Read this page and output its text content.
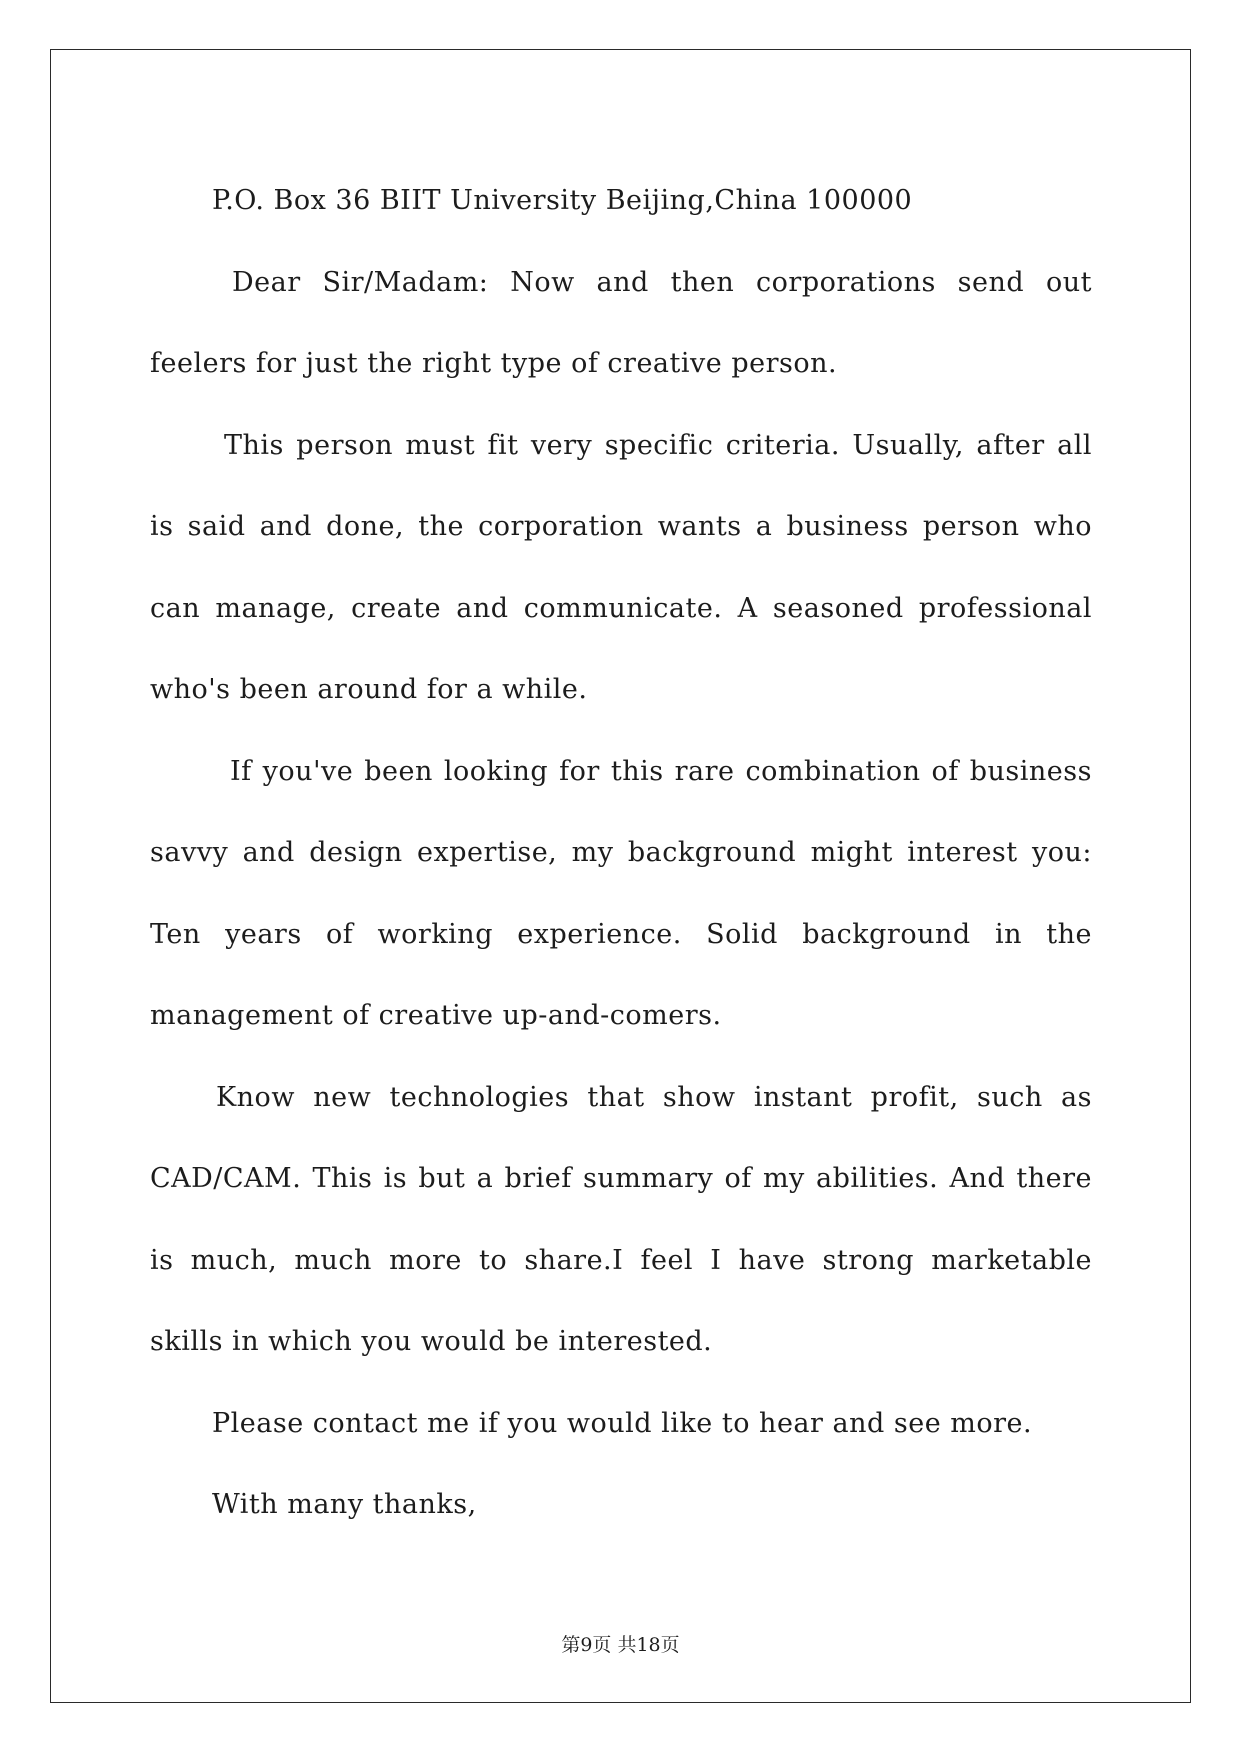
P.O. Box 36 BIIT University Beijing,China 100000

Dear Sir/Madam: Now and then corporations send out feelers for just the right type of creative person.

This person must fit very specific criteria. Usually, after all is said and done, the corporation wants a business person who can manage, create and communicate. A seasoned professional who's been around for a while.

If you've been looking for this rare combination of business savvy and design expertise, my background might interest you: Ten years of working experience. Solid background in the management of creative up-and-comers.

Know new technologies that show instant profit, such as CAD/CAM. This is but a brief summary of my abilities. And there is much, much more to share.I feel I have strong marketable skills in which you would be interested.

Please contact me if you would like to hear and see more.

With many thanks,

第9页 共18页
